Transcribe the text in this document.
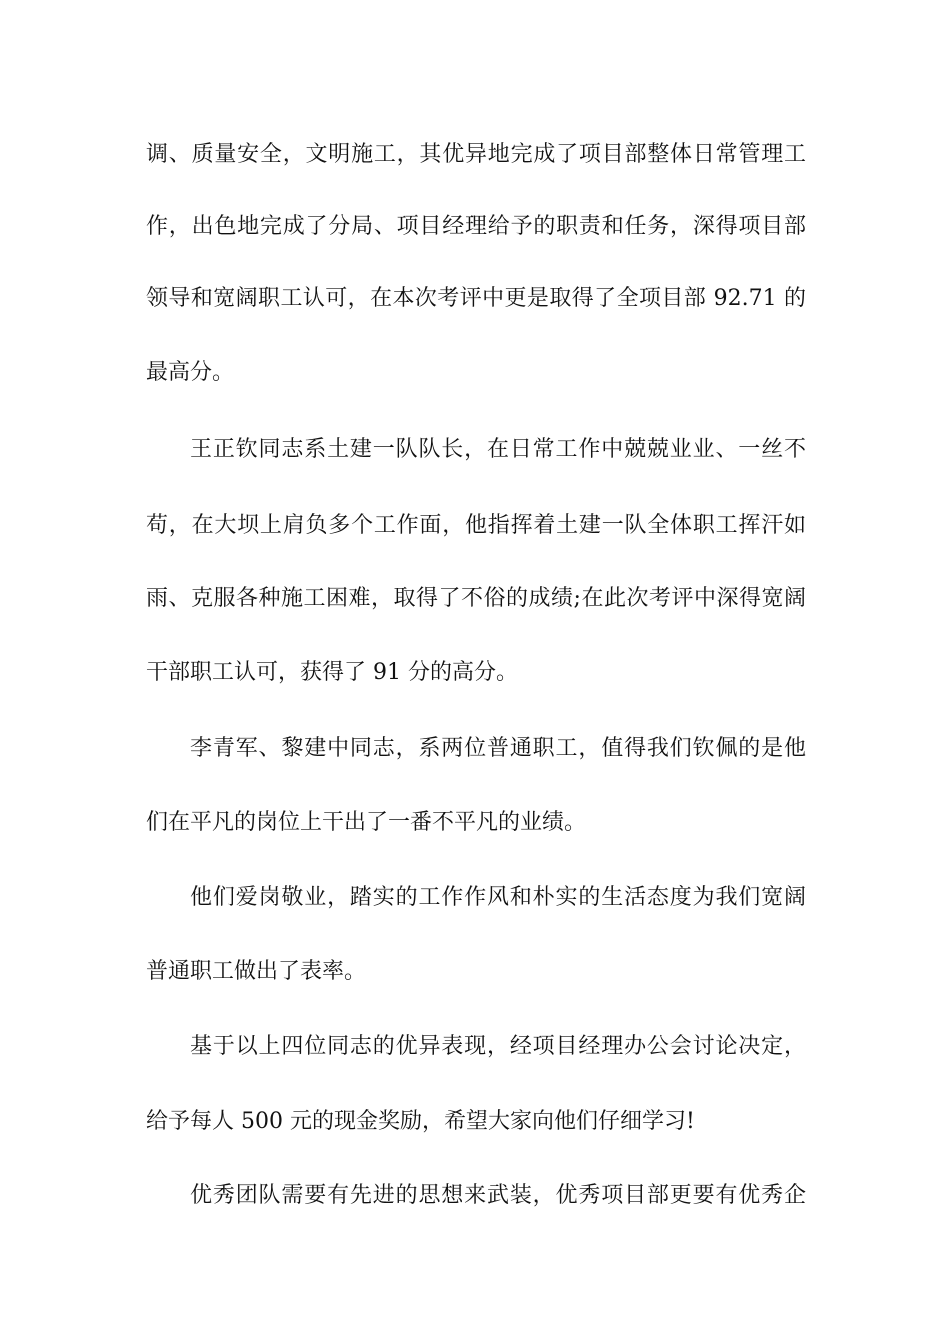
调、质量安全，文明施工，其优异地完成了项目部整体日常管理工
作，出色地完成了分局、项目经理给予的职责和任务，深得项目部
领导和宽阔职工认可，在本次考评中更是取得了全项目部 92.71 的
最高分。
王正钦同志系土建一队队长，在日常工作中兢兢业业、一丝不
苟，在大坝上肩负多个工作面，他指挥着土建一队全体职工挥汗如
雨、克服各种施工困难，取得了不俗的成绩;在此次考评中深得宽阔
干部职工认可，获得了 91 分的高分。
李青军、黎建中同志，系两位普通职工，值得我们钦佩的是他
们在平凡的岗位上干出了一番不平凡的业绩。
他们爱岗敬业，踏实的工作作风和朴实的生活态度为我们宽阔
普通职工做出了表率。
基于以上四位同志的优异表现，经项目经理办公会讨论决定，
给予每人 500 元的现金奖励，希望大家向他们仔细学习!
优秀团队需要有先进的思想来武装，优秀项目部更要有优秀企
